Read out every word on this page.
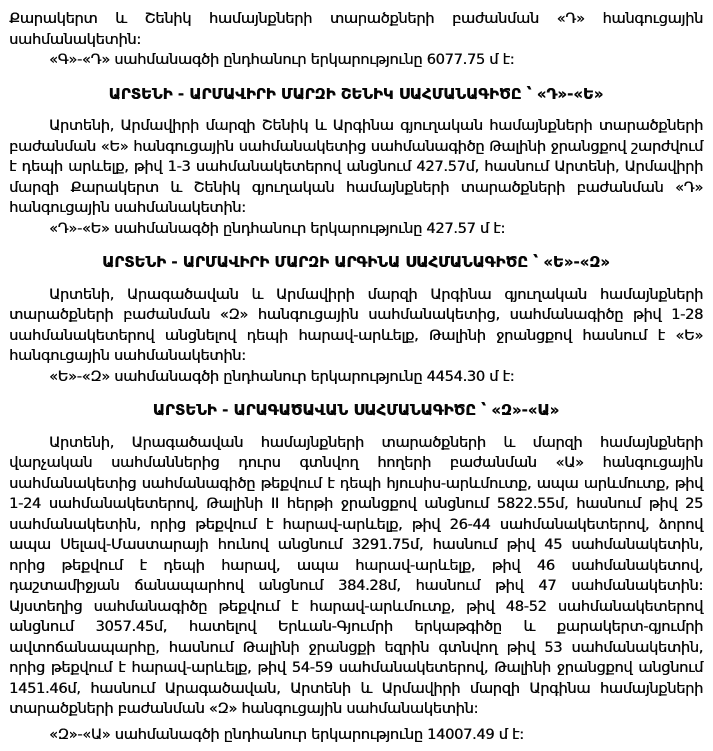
Քարակերտ և Շենիկ համայնքների տարածքների բաժանման «Դ» հանգուցային սահմանակետին:

«Գ»-«Դ» սահմանագծի ընդհանուր երկարությունը 6077.75 մ է:

ԱՐՏԵՆԻ - ԱՐՄԱՎԻՐԻ ՄԱՐԶԻ ՇԵՆԻԿ ՍԱՀՄԱՆԱԳԻԾԸ ՝ «Դ»-«Ե»

Արտենի, Արմավիրի մարզի Շենիկ և Արգինա գյուղական համայնքների տարածքների բաժանման «Ե» հանգուցային սահմանակետից սահմանագիծը Թալինի ջրանցքով շարժվում է դեպի արևելք, թիվ 1-3 սահմանակետերով անցնում 427.57մ, հասնում Արտենի, Արմավիրի մարզի Քարակերտ և Շենիկ գյուղական համայնքների տարածքների բաժանման «Դ» հանգուցային սահմանակետին:

«Դ»-«Ե» սահմանագծի ընդհանուր երկարությունը 427.57 մ է:

ԱՐՏԵՆԻ - ԱՐՄԱՎԻՐԻ ՄԱՐԶԻ ԱՐԳԻՆԱ ՍԱՀՄԱՆԱԳԻԾԸ ՝ «Ե»-«Զ»

Արտենի, Արագածավան և Արմավիրի մարզի Արգինա գյուղական համայնքների տարածքների բաժանման «Զ» հանգուցային սահմանակետից, սահմանագիծը թիվ 1-28 սահմանակետերով անցնելով դեպի հարավ-արևելք, Թալինի ջրանցքով հասնում է «Ե» հանգուցային սահմանակետին:

«Ե»-«Զ» սահմանագծի ընդհանուր երկարությունը 4454.30 մ է:

ԱՐՏԵՆԻ - ԱՐԱԳԱԾԱՎԱՆ ՍԱՀՄԱՆԱԳԻԾԸ ՝ «Զ»-«Ա»

Արտենի, Արագածավան համայնքների տարածքների և մարզի համայնքների վարչական սահմաններից դուրս գտնվող հողերի բաժանման «Ա» հանգուցային սահմանակետից սահմանագիծը թեքվում է դեպի հյուսիս-արևմուտք, ապա արևմուտք, թիվ 1-24 սահմանակետերով, Թալինի II հերթի ջրանցքով անցնում 5822.55մ, հասնում թիվ 25 սահմանակետին, որից թեքվում է հարավ-արևելք, թիվ 26-44 սահմանակետերով, ձորով ապա Սելավ-Մաստարայի հունով անցնում 3291.75մ, հասնում թիվ 45 սահմանակետին, որից թեքվում է դեպի հարավ, ապա հարավ-արևելք, թիվ 46 սահմանակետով, դաշտամիջյան ճանապարհով անցնում 384.28մ, հասնում թիվ 47 սահմանակետին: Այստեղից սահմանագիծը թեքվում է հարավ-արևմուտք, թիվ 48-52 սահմանակետերով անցնում 3057.45մ, հատելով Երևան-Գյումրի երկաթգիծը և քարակերտ-գյումրի ավտոճանապարհը, հասնում Թալինի ջրանցքի եզրին գտնվող թիվ 53 սահմանակետին, որից թեքվում է հարավ-արևելք, թիվ 54-59 սահմանակետերով, Թալինի ջրանցքով անցնում 1451.46մ, հասնում Արագածավան, Արտենի և Արմավիրի մարզի Արգինա համայնքների տարածքների բաժանման «Զ» հանգուցային սահմանակետին:

«Զ»-«Ա» սահմանագծի ընդհանուր երկարությունը 14007.49 մ է:
